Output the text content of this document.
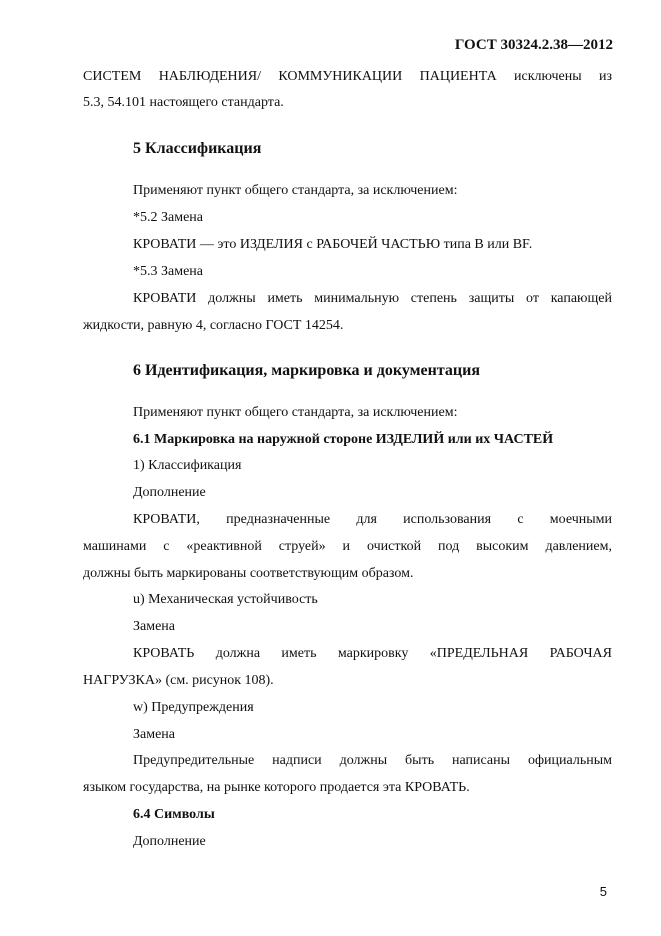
ГОСТ 30324.2.38—2012
СИСТЕМ НАБЛЮДЕНИЯ/ КОММУНИКАЦИИ ПАЦИЕНТА исключены из
5.3, 54.101 настоящего стандарта.
5 Классификация
Применяют пункт общего стандарта, за исключением:
*5.2 Замена
КРОВАТИ — это ИЗДЕЛИЯ с РАБОЧЕЙ ЧАСТЬЮ типа B или BF.
*5.3 Замена
КРОВАТИ должны иметь минимальную степень защиты от капающей
жидкости, равную 4, согласно ГОСТ 14254.
6 Идентификация, маркировка и документация
Применяют пункт общего стандарта, за исключением:
6.1 Маркировка на наружной стороне ИЗДЕЛИЙ или их ЧАСТЕЙ
1) Классификация
Дополнение
КРОВАТИ, предназначенные для использования с моечными
машинами с «реактивной струей» и очисткой под высоким давлением,
должны быть маркированы соответствующим образом.
u) Механическая устойчивость
Замена
КРОВАТЬ должна иметь маркировку «ПРЕДЕЛЬНАЯ РАБОЧАЯ
НАГРУЗКА» (см. рисунок 108).
w) Предупреждения
Замена
Предупредительные надписи должны быть написаны официальным
языком государства, на рынке которого продается эта КРОВАТЬ.
6.4 Символы
Дополнение
5
